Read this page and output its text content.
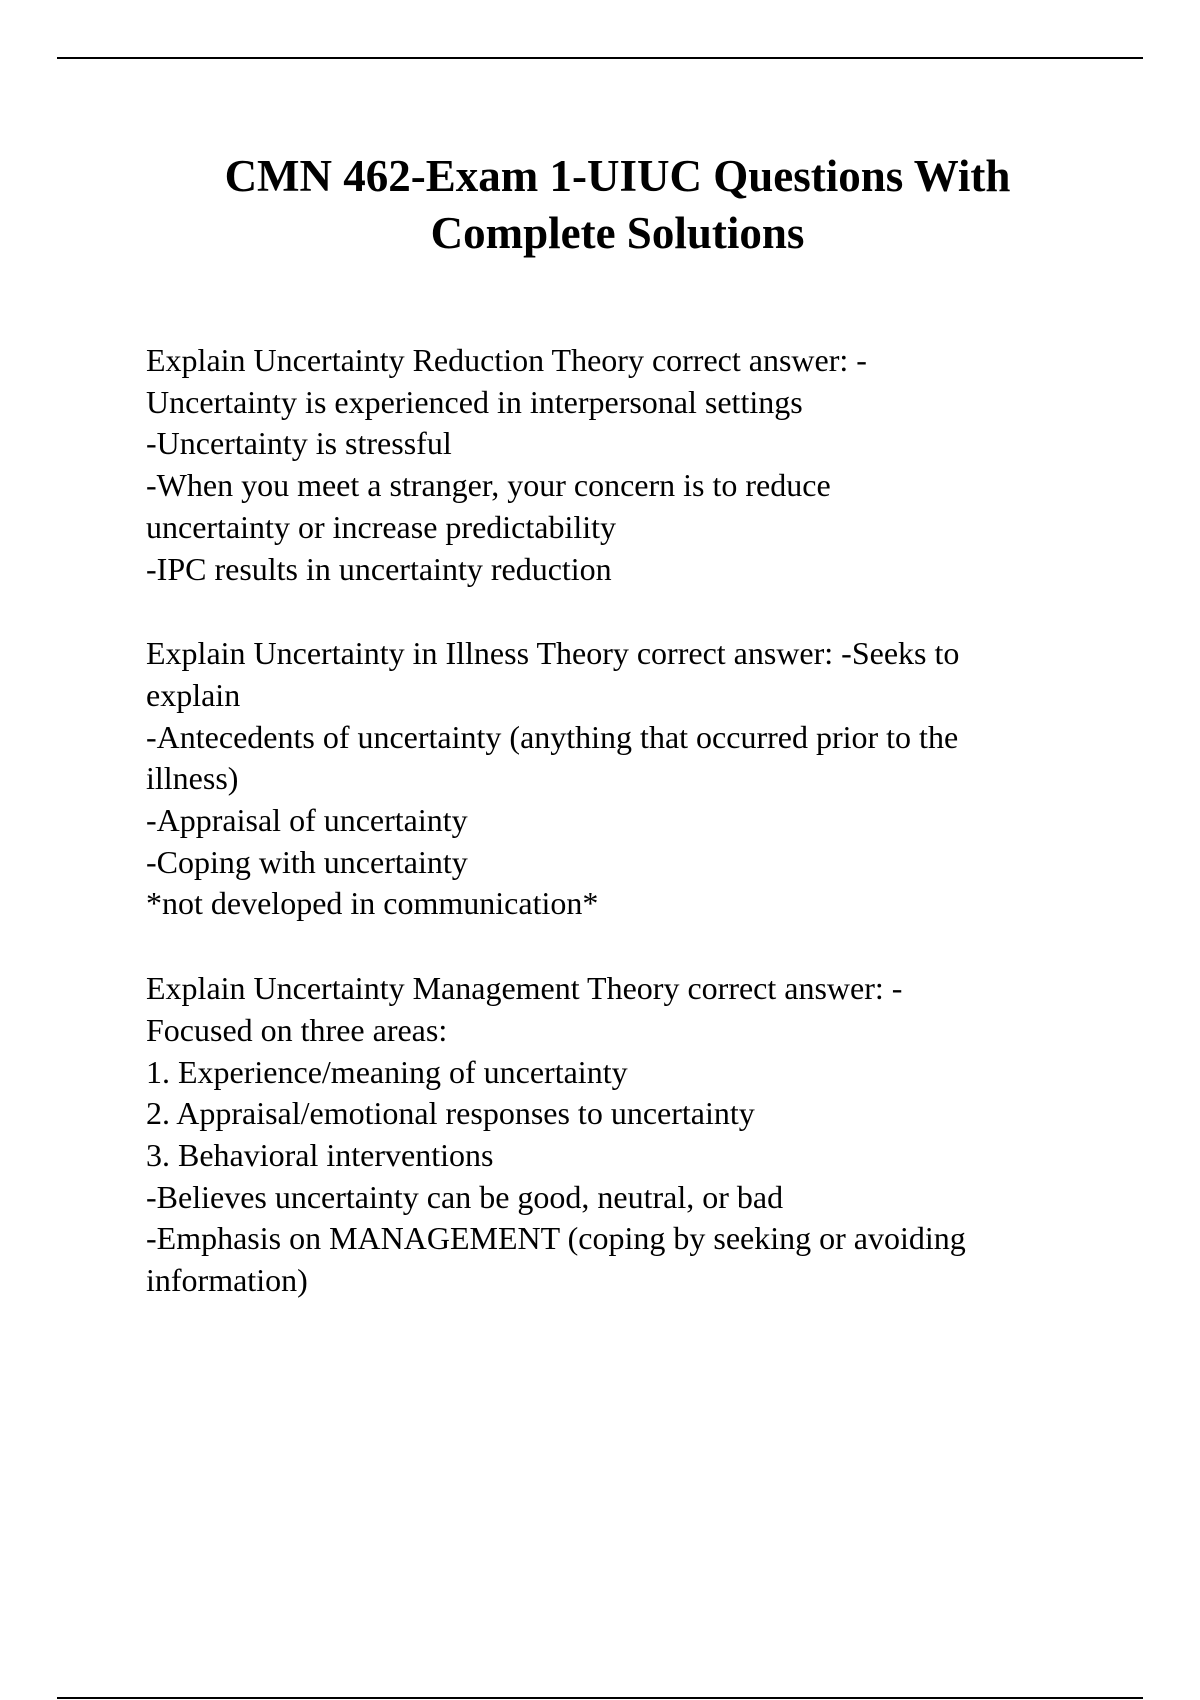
CMN 462-Exam 1-UIUC Questions With
Complete Solutions
Explain Uncertainty Reduction Theory correct answer: -
Uncertainty is experienced in interpersonal settings
-Uncertainty is stressful
-When you meet a stranger, your concern is to reduce
uncertainty or increase predictability
-IPC results in uncertainty reduction
Explain Uncertainty in Illness Theory correct answer: -Seeks to
explain
-Antecedents of uncertainty (anything that occurred prior to the
illness)
-Appraisal of uncertainty
-Coping with uncertainty
*not developed in communication*
Explain Uncertainty Management Theory correct answer: -
Focused on three areas:
1. Experience/meaning of uncertainty
2. Appraisal/emotional responses to uncertainty
3. Behavioral interventions
-Believes uncertainty can be good, neutral, or bad
-Emphasis on MANAGEMENT (coping by seeking or avoiding
information)
